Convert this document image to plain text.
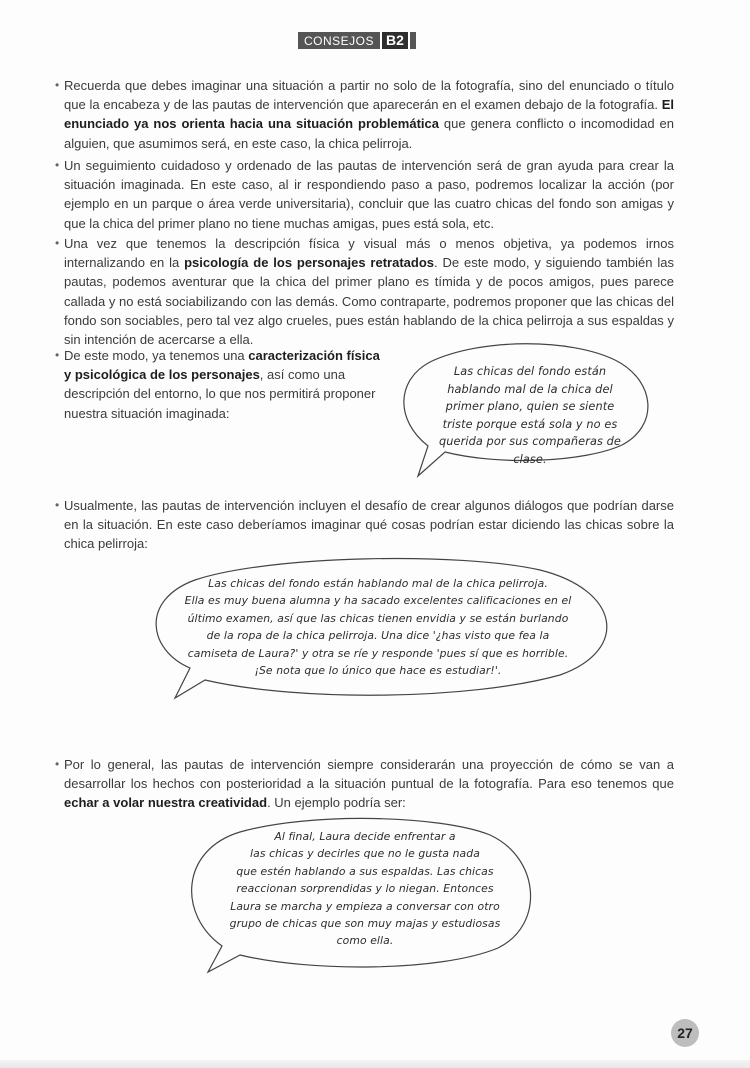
CONSEJOS B2
• Recuerda que debes imaginar una situación a partir no solo de la fotografía, sino del enunciado o título que la encabeza y de las pautas de intervención que aparecerán en el examen debajo de la fotografía. El enunciado ya nos orienta hacia una situación problemática que genera conflicto o incomodidad en alguien, que asumimos será, en este caso, la chica pelirroja.
• Un seguimiento cuidadoso y ordenado de las pautas de intervención será de gran ayuda para crear la situación imaginada. En este caso, al ir respondiendo paso a paso, podremos localizar la acción (por ejemplo en un parque o área verde universitaria), concluir que las cuatro chicas del fondo son amigas y que la chica del primer plano no tiene muchas amigas, pues está sola, etc.
• Una vez que tenemos la descripción física y visual más o menos objetiva, ya podemos irnos internalizando en la psicología de los personajes retratados. De este modo, y siguiendo también las pautas, podemos aventurar que la chica del primer plano es tímida y de pocos amigos, pues parece callada y no está sociabilizando con las demás. Como contraparte, podremos proponer que las chicas del fondo son sociables, pero tal vez algo crueles, pues están hablando de la chica pelirroja a sus espaldas y sin intención de acercarse a ella.
• De este modo, ya tenemos una caracterización física y psicológica de los personajes, así como una descripción del entorno, lo que nos permitirá proponer nuestra situación imaginada:
• Usualmente, las pautas de intervención incluyen el desafío de crear algunos diálogos que podrían darse en la situación. En este caso deberíamos imaginar qué cosas podrían estar diciendo las chicas sobre la chica pelirroja:
• Por lo general, las pautas de intervención siempre considerarán una proyección de cómo se van a desarrollar los hechos con posterioridad a la situación puntual de la fotografía. Para eso tenemos que echar a volar nuestra creatividad. Un ejemplo podría ser:
Las chicas del fondo están
hablando mal de la chica del
primer plano, quien se siente
triste porque está sola y no es
querida por sus compañeras de
clase.
Las chicas del fondo están hablando mal de la chica pelirroja.
Ella es muy buena alumna y ha sacado excelentes calificaciones en el
último examen, así que las chicas tienen envidia y se están burlando
de la ropa de la chica pelirroja. Una dice '¿has visto que fea la
camiseta de Laura?' y otra se ríe y responde 'pues sí que es horrible.
¡Se nota que lo único que hace es estudiar!'.
Al final, Laura decide enfrentar a
las chicas y decirles que no le gusta nada
que estén hablando a sus espaldas. Las chicas
reaccionan sorprendidas y lo niegan. Entonces
Laura se marcha y empieza a conversar con otro
grupo de chicas que son muy majas y estudiosas
como ella.
27
